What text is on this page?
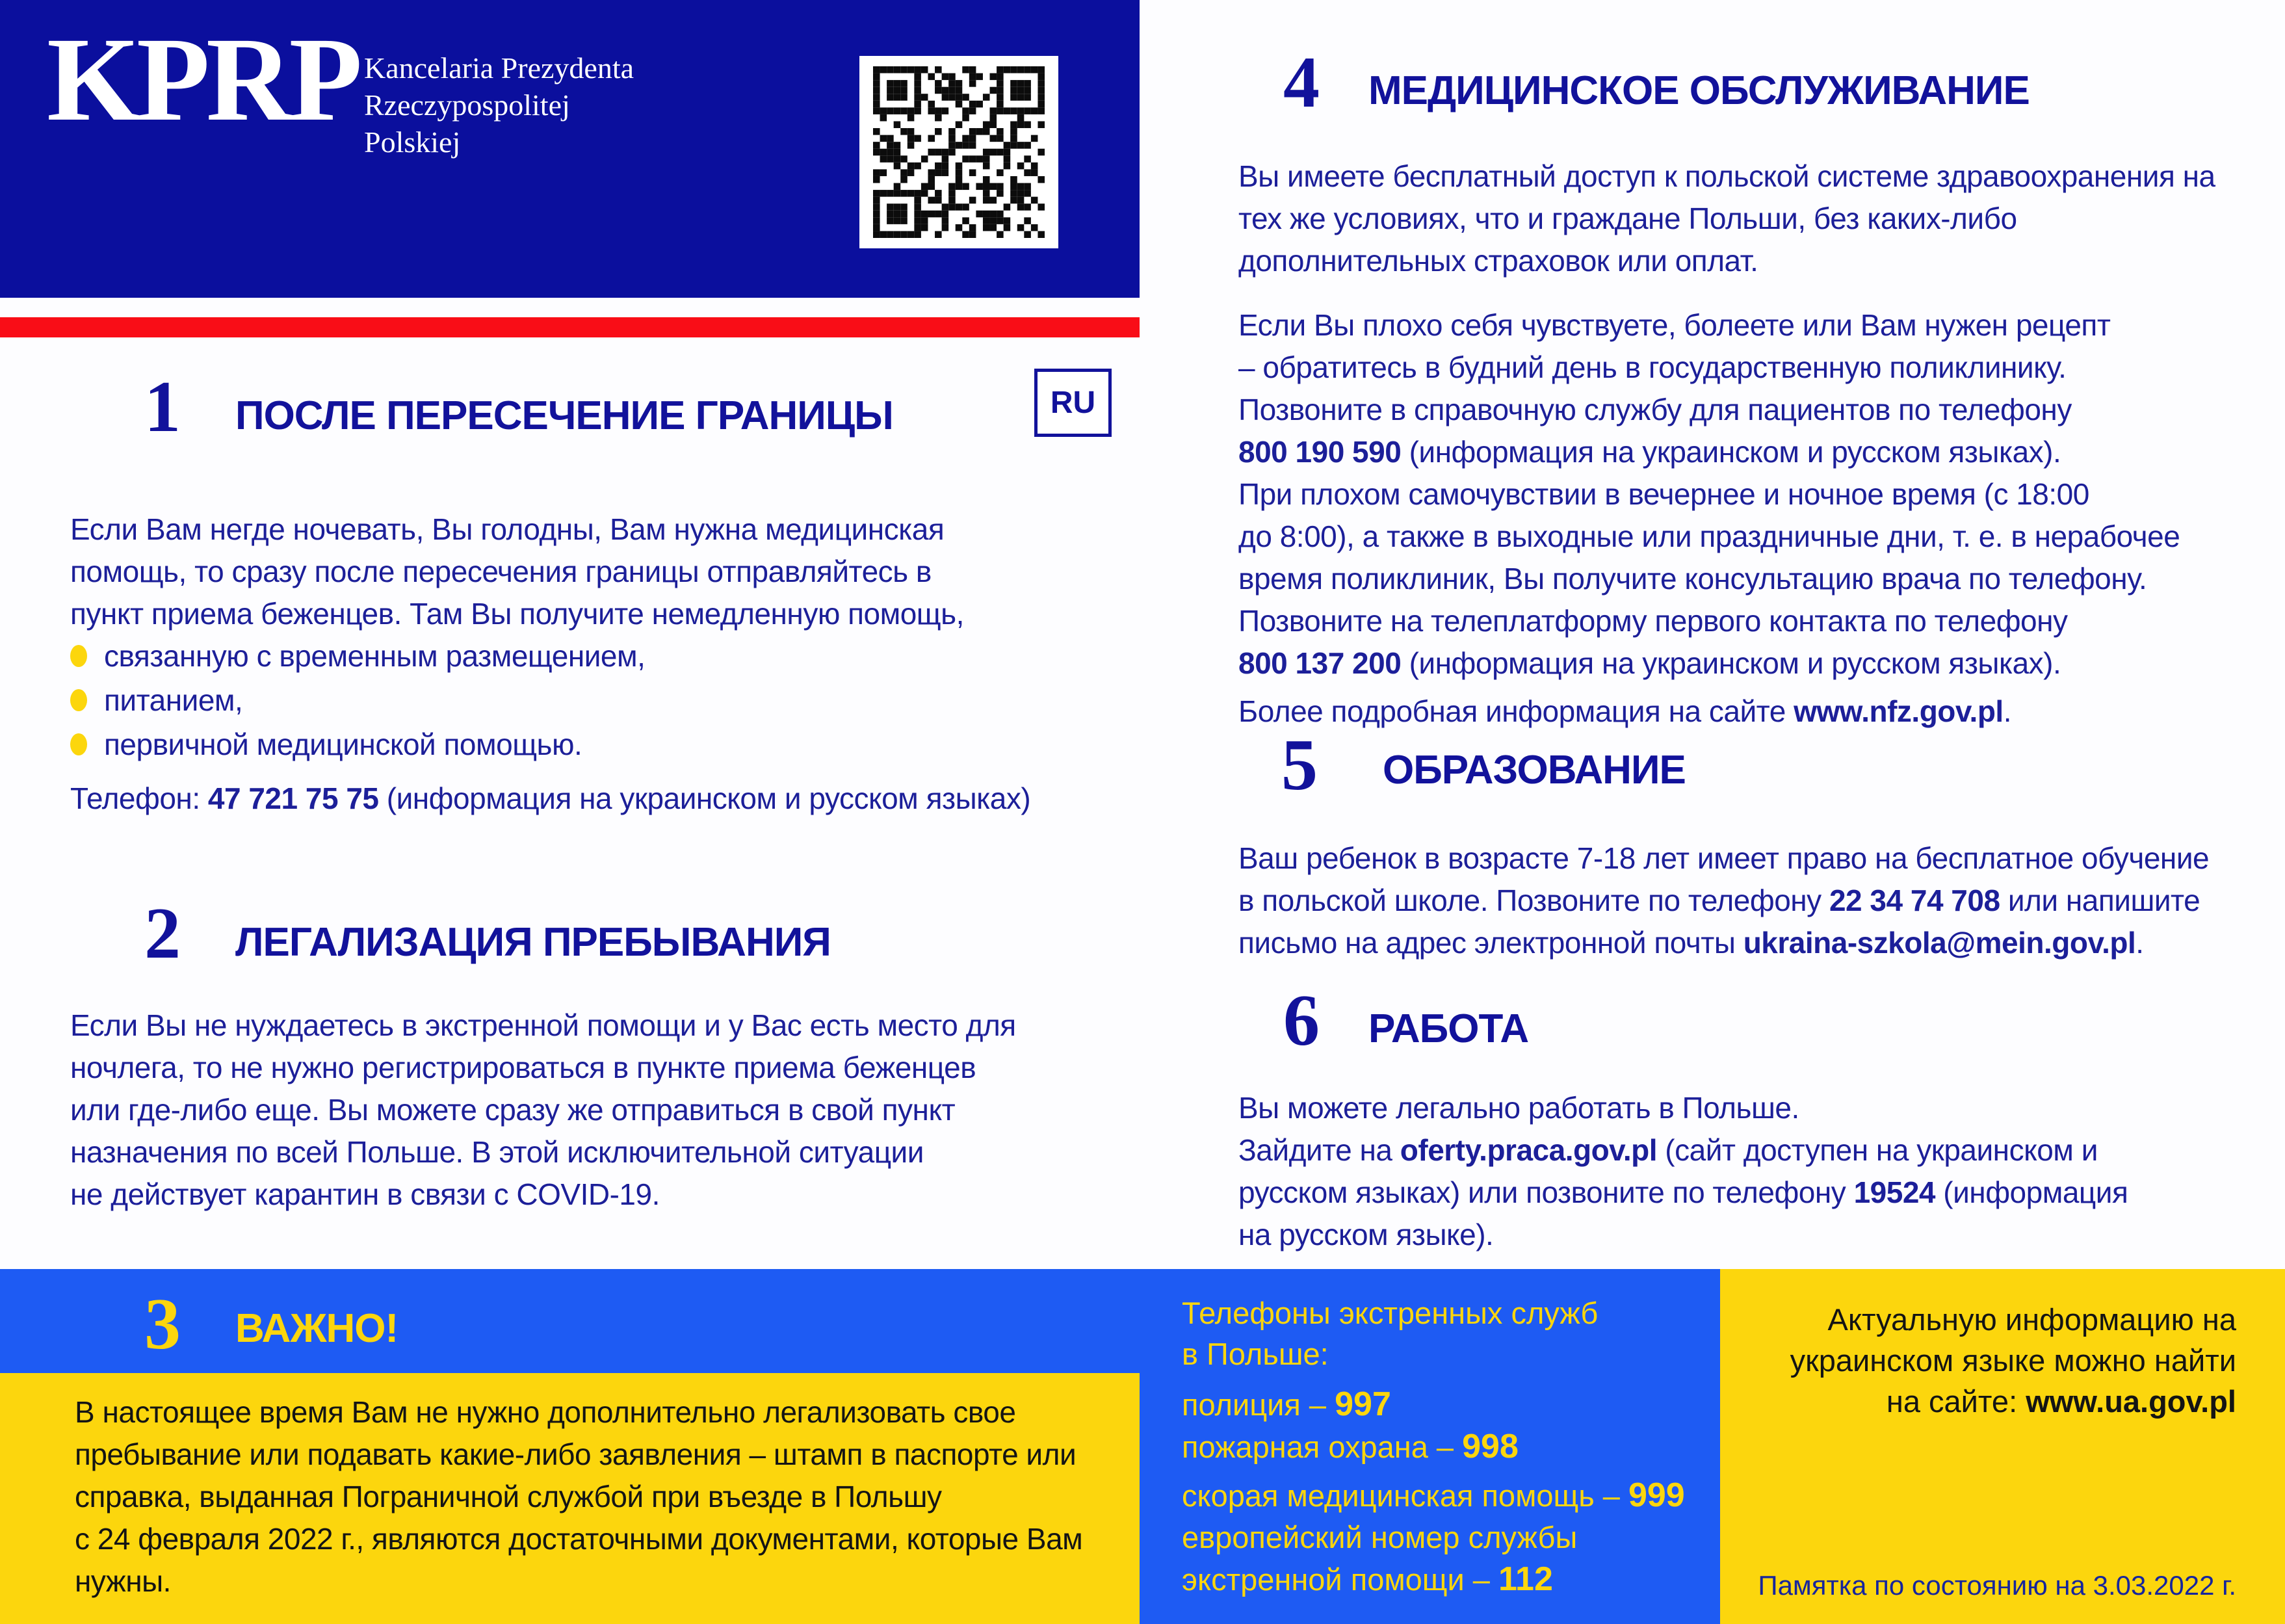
KPRP Kancelaria Prezydenta
Rzeczypospolitej
Polskiej
1 ПОСЛЕ ПЕРЕСЕЧЕНИЕ ГРАНИЦЫ	RU
Если Вам негде ночевать, Вы голодны, Вам нужна медицинская
помощь, то сразу после пересечения границы отправляйтесь в
пункт приема беженцев. Там Вы получите немедленную помощь,
связанную с временным размещением,
питанием,
первичной медицинской помощью.
Телефон: 47 721 75 75 (информация на украинском и русском языках)
2 ЛЕГАЛИЗАЦИЯ ПРЕБЫВАНИЯ
Если Вы не нуждаетесь в экстренной помощи и у Вас есть место для
ночлега, то не нужно регистрироваться в пункте приема беженцев
или где-либо еще. Вы можете сразу же отправиться в свой пункт
назначения по всей Польше. В этой исключительной ситуации
не действует карантин в связи с COVID-19.
4 МЕДИЦИНСКОЕ ОБСЛУЖИВАНИЕ
Вы имеете бесплатный доступ к польской системе здравоохранения на
тех же условиях, что и граждане Польши, без каких-либо
дополнительных страховок или оплат.
Если Вы плохо себя чувствуете, болеете или Вам нужен рецепт
– обратитесь в будний день в государственную поликлинику.
Позвоните в справочную службу для пациентов по телефону
800 190 590 (информация на украинском и русском языках).
При плохом самочувствии в вечернее и ночное время (с 18:00
до 8:00), а также в выходные или праздничные дни, т. е. в нерабочее
время поликлиник, Вы получите консультацию врача по телефону.
Позвоните на телеплатформу первого контакта по телефону
800 137 200 (информация на украинском и русском языках).
Более подробная информация на сайте www.nfz.gov.pl.
5 ОБРАЗОВАНИЕ
Ваш ребенок в возрасте 7-18 лет имеет право на бесплатное обучение
в польской школе. Позвоните по телефону 22 34 74 708 или напишите
письмо на адрес электронной почты ukraina-szkola@mein.gov.pl.
6 РАБОТА
Вы можете легально работать в Польше.
Зайдите на oferty.praca.gov.pl (сайт доступен на украинском и
русском языках) или позвоните по телефону 19524 (информация
на русском языке).
3 ВАЖНО!
В настоящее время Вам не нужно дополнительно легализовать свое
пребывание или подавать какие-либо заявления – штамп в паспорте или
справка, выданная Пограничной службой при въезде в Польшу
с 24 февраля 2022 г., являются достаточными документами, которые Вам
нужны.
Телефоны экстренных служб
в Польше:
полиция – 997
пожарная охрана – 998
скорая медицинская помощь – 999
европейский номер службы
экстренной помощи – 112
Актуальную информацию на
украинском языке можно найти
на сайте: www.ua.gov.pl
Памятка по состоянию на 3.03.2022 г.
